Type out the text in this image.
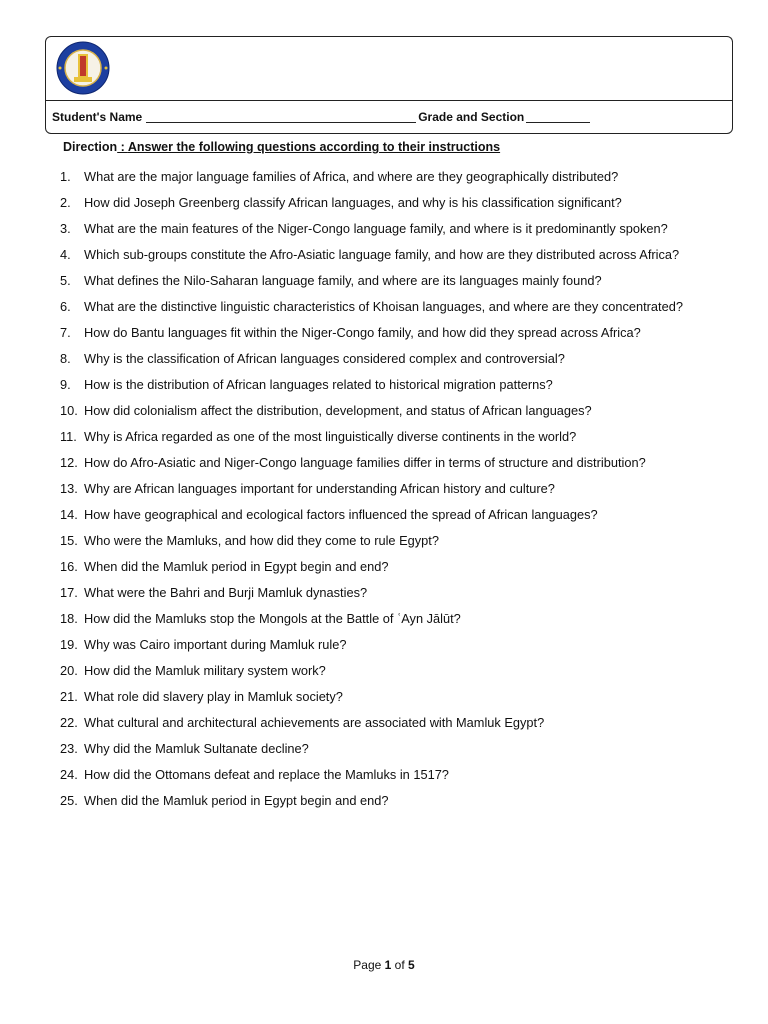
Student's Name	Grade and Section
Direction : Answer the following questions according to their instructions
1.	What are the major language families of Africa, and where are they geographically distributed?
2.	How did Joseph Greenberg classify African languages, and why is his classification significant?
3.	What are the main features of the Niger-Congo language family, and where is it predominantly spoken?
4.	Which sub-groups constitute the Afro-Asiatic language family, and how are they distributed across Africa?
5.	What defines the Nilo-Saharan language family, and where are its languages mainly found?
6.	What are the distinctive linguistic characteristics of Khoisan languages, and where are they concentrated?
7.	How do Bantu languages fit within the Niger-Congo family, and how did they spread across Africa?
8.	Why is the classification of African languages considered complex and controversial?
9.	How is the distribution of African languages related to historical migration patterns?
10. How did colonialism affect the distribution, development, and status of African languages?
11. Why is Africa regarded as one of the most linguistically diverse continents in the world?
12. How do Afro-Asiatic and Niger-Congo language families differ in terms of structure and distribution?
13. Why are African languages important for understanding African history and culture?
14. How have geographical and ecological factors influenced the spread of African languages?
15. Who were the Mamluks, and how did they come to rule Egypt?
16. When did the Mamluk period in Egypt begin and end?
17. What were the Bahri and Burji Mamluk dynasties?
18. How did the Mamluks stop the Mongols at the Battle of ʿAyn Jālūt?
19. Why was Cairo important during Mamluk rule?
20. How did the Mamluk military system work?
21. What role did slavery play in Mamluk society?
22. What cultural and architectural achievements are associated with Mamluk Egypt?
23. Why did the Mamluk Sultanate decline?
24. How did the Ottomans defeat and replace the Mamluks in 1517?
25. When did the Mamluk period in Egypt begin and end?
Page 1 of 5
